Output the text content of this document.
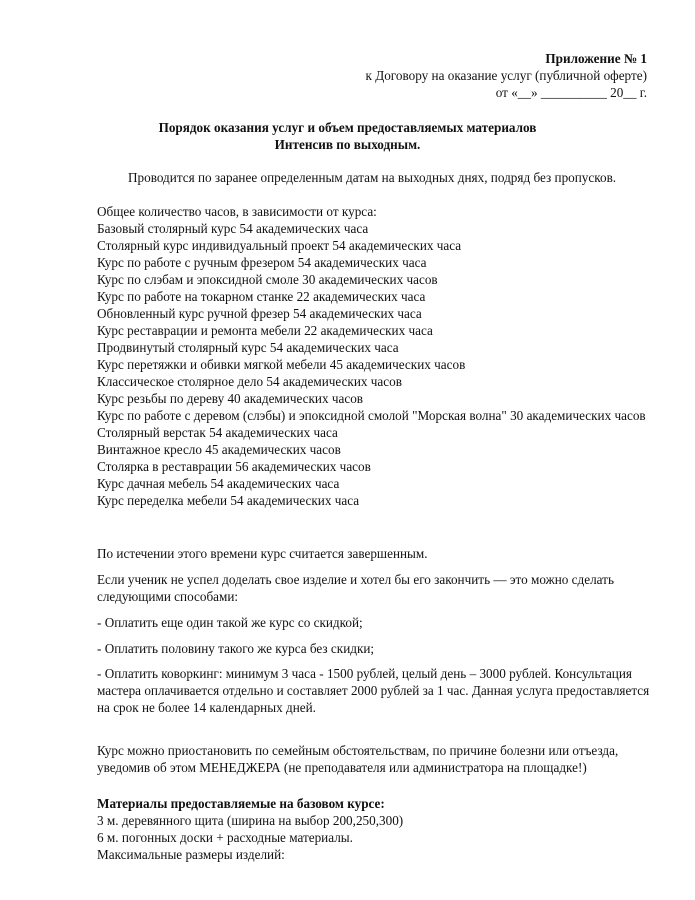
Приложение № 1
к Договору на оказание услуг (публичной оферте)
от «__» __________ 20__ г.
Порядок оказания услуг и объем предоставляемых материалов
Интенсив по выходным.
Проводится по заранее определенным датам на выходных днях, подряд без пропусков.
Общее количество часов, в зависимости от курса:
Базовый столярный курс 54 академических часа
Столярный курс индивидуальный проект 54 академических часа
Курс по работе с ручным фрезером 54 академических часа
Курс по слэбам и эпоксидной смоле 30 академических часов
Курс по работе на токарном станке 22 академических часа
Обновленный курс ручной фрезер 54 академических часа
Курс реставрации и ремонта мебели 22 академических часа
Продвинутый столярный курс 54 академических часа
Курс перетяжки и обивки мягкой мебели 45 академических часов
Классическое столярное дело 54 академических часов
Курс резьбы по дереву 40 академических часов
Курс по работе с деревом (слэбы) и эпоксидной смолой "Морская волна" 30 академических часов
Столярный верстак 54 академических часа
Винтажное кресло 45 академических часов
Столярка в реставрации 56 академических часов
Курс дачная мебель 54 академических часа
Курс переделка мебели 54 академических часа
По истечении этого времени курс считается завершенным.
Если ученик не успел доделать свое изделие и хотел бы его закончить — это можно сделать следующими способами:
- Оплатить еще один такой же курс со скидкой;
- Оплатить половину такого же курса без скидки;
- Оплатить коворкинг: минимум 3 часа - 1500 рублей, целый день – 3000 рублей. Консультация мастера оплачивается отдельно и составляет 2000 рублей за 1 час. Данная услуга предоставляется на срок не более 14 календарных дней.
Курс можно приостановить по семейным обстоятельствам, по причине болезни или отъезда, уведомив об этом МЕНЕДЖЕРА (не преподавателя или администратора на площадке!)
Материалы предоставляемые на базовом курсе:
3 м. деревянного щита (ширина на выбор 200,250,300)
6 м. погонных доски + расходные материалы.
Максимальные размеры изделий:
